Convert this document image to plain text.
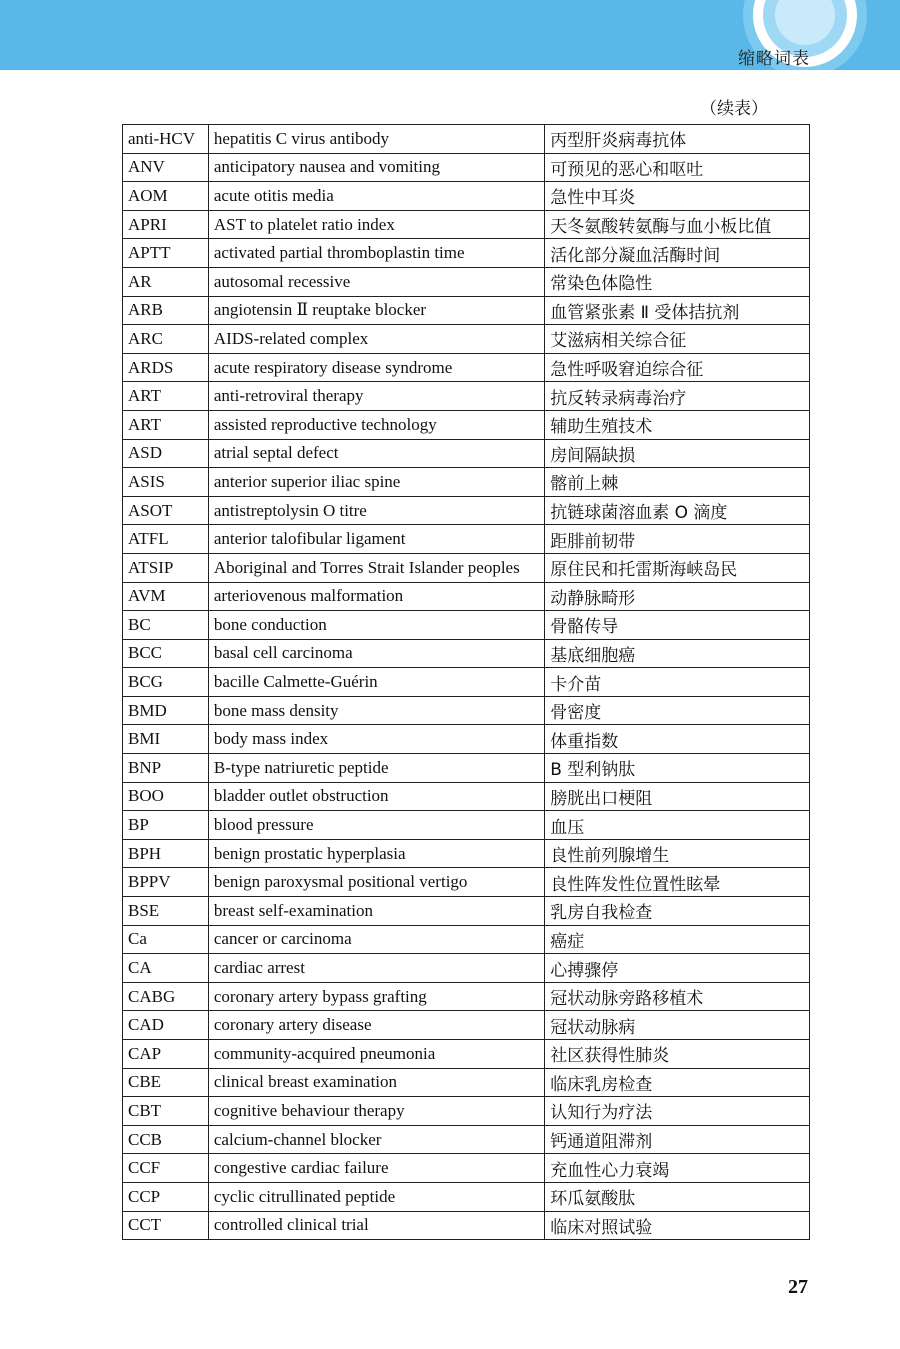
缩略词表
（续表）
anti-HCV	hepatitis C virus antibody	丙型肝炎病毒抗体
ANV	anticipatory nausea and vomiting	可预见的恶心和呕吐
AOM	acute otitis media	急性中耳炎
APRI	AST to platelet ratio index	天冬氨酸转氨酶与血小板比值
APTT	activated partial thromboplastin time	活化部分凝血活酶时间
AR	autosomal recessive	常染色体隐性
ARB	angiotensin Ⅱ reuptake blocker	血管紧张素 Ⅱ 受体拮抗剂
ARC	AIDS-related complex	艾滋病相关综合征
ARDS	acute respiratory disease syndrome	急性呼吸窘迫综合征
ART	anti-retroviral therapy	抗反转录病毒治疗
ART	assisted reproductive technology	辅助生殖技术
ASD	atrial septal defect	房间隔缺损
ASIS	anterior superior iliac spine	髂前上棘
ASOT	antistreptolysin O titre	抗链球菌溶血素 O 滴度
ATFL	anterior talofibular ligament	距腓前韧带
ATSIP	Aboriginal and Torres Strait Islander peoples	原住民和托雷斯海峡岛民
AVM	arteriovenous malformation	动静脉畸形
BC	bone conduction	骨骼传导
BCC	basal cell carcinoma	基底细胞癌
BCG	bacille Calmette-Guérin	卡介苗
BMD	bone mass density	骨密度
BMI	body mass index	体重指数
BNP	B-type natriuretic peptide	B 型利钠肽
BOO	bladder outlet obstruction	膀胱出口梗阻
BP	blood pressure	血压
BPH	benign prostatic hyperplasia	良性前列腺增生
BPPV	benign paroxysmal positional vertigo	良性阵发性位置性眩晕
BSE	breast self-examination	乳房自我检查
Ca	cancer or carcinoma	癌症
CA	cardiac arrest	心搏骤停
CABG	coronary artery bypass grafting	冠状动脉旁路移植术
CAD	coronary artery disease	冠状动脉病
CAP	community-acquired pneumonia	社区获得性肺炎
CBE	clinical breast examination	临床乳房检查
CBT	cognitive behaviour therapy	认知行为疗法
CCB	calcium-channel blocker	钙通道阻滞剂
CCF	congestive cardiac failure	充血性心力衰竭
CCP	cyclic citrullinated peptide	环瓜氨酸肽
CCT	controlled clinical trial	临床对照试验
27
